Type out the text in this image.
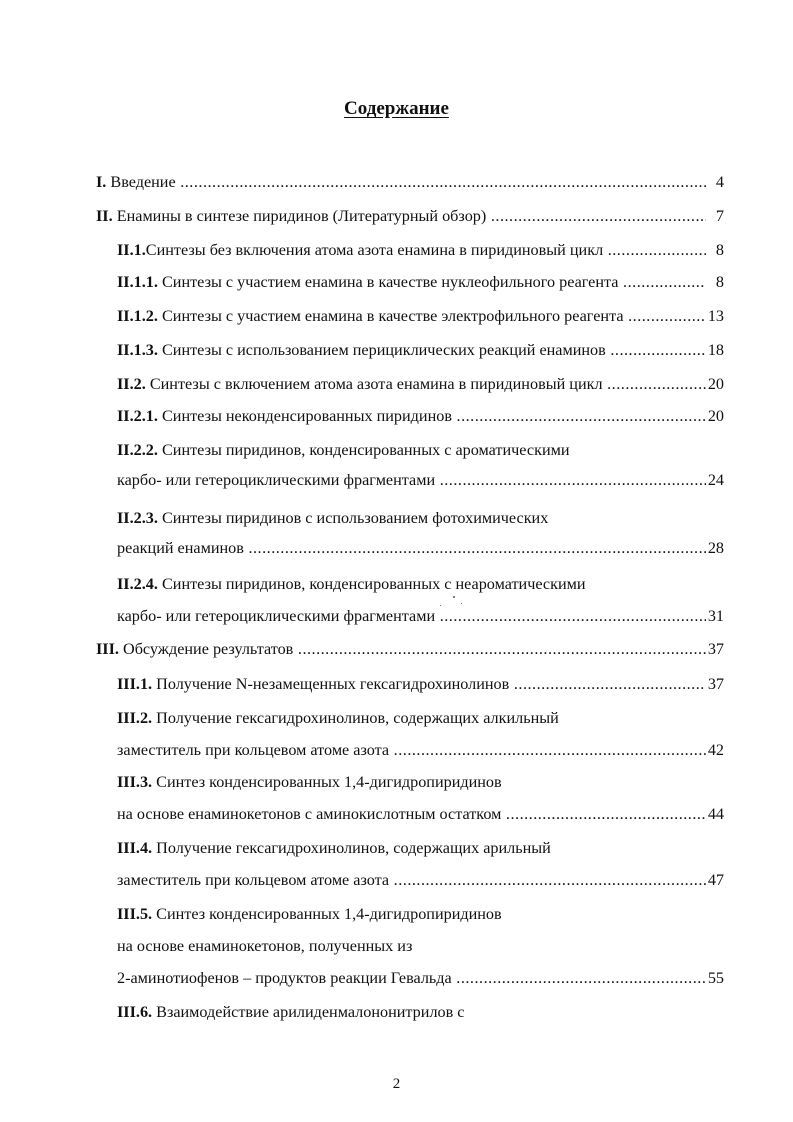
Содержание
I. Введение .....	4
II. Енамины в синтезе пиридинов (Литературный обзор) .....	7
II.1.Синтезы без включения атома азота енамина в пиридиновый цикл .....	8
II.1.1. Синтезы с участием енамина в качестве нуклеофильного реагента .....	8
II.1.2. Синтезы с участием енамина в качестве электрофильного реагента .....	13
II.1.3. Синтезы с использованием перициклических реакций енаминов .....	18
II.2. Синтезы с включением атома азота енамина в пиридиновый цикл .....	20
II.2.1. Синтезы неконденсированных пиридинов .....	20
II.2.2. Синтезы пиридинов, конденсированных с ароматическими
карбо- или гетероциклическими фрагментами .....	24
II.2.3. Синтезы пиридинов с использованием фотохимических
реакций енаминов .....	28
II.2.4. Синтезы пиридинов, конденсированных с неароматическими
карбо- или гетероциклическими фрагментами .....	31
III. Обсуждение результатов .....	37
III.1. Получение N-незамещенных гексагидрохинолинов .....	37
III.2. Получение гексагидрохинолинов, содержащих алкильный
заместитель при кольцевом атоме азота .....	42
III.3. Синтез конденсированных 1,4-дигидропиридинов
на основе енаминокетонов с аминокислотным остатком .....	44
III.4. Получение гексагидрохинолинов, содержащих арильный
заместитель при кольцевом атоме азота .....	47
III.5. Синтез конденсированных 1,4-дигидропиридинов
на основе енаминокетонов, полученных из
2-аминотиофенов – продуктов реакции Гевальда .....	55
III.6. Взаимодействие арилиденмалононитрилов с
2
